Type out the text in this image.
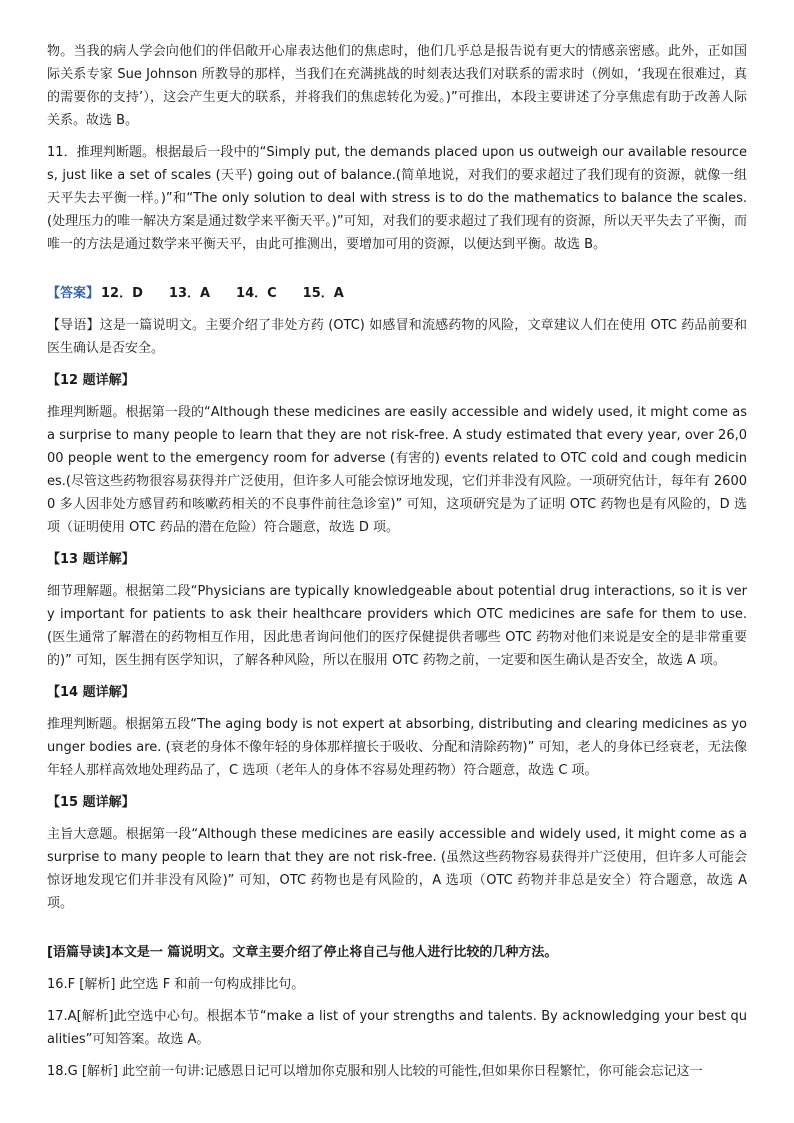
物。当我的病人学会向他们的伴侣敞开心扉表达他们的焦虑时，他们几乎总是报告说有更大的情感亲密感。此外，正如国际关系专家 Sue Johnson 所教导的那样，当我们在充满挑战的时刻表达我们对联系的需求时（例如，‘我现在很难过，真的需要你的支持’），这会产生更大的联系，并将我们的焦虑转化为爱。)”可推出，本段主要讲述了分享焦虑有助于改善人际关系。故选 B。

11．推理判断题。根据最后一段中的“Simply put, the demands placed upon us outweigh our available resources, just like a set of scales (天平) going out of balance.(简单地说，对我们的要求超过了我们现有的资源，就像一组天平失去平衡一样。)”和“The only solution to deal with stress is to do the mathematics to balance the scales.(处理压力的唯一解决方案是通过数学来平衡天平。)”可知，对我们的要求超过了我们现有的资源，所以天平失去了平衡，而唯一的方法是通过数学来平衡天平，由此可推测出，要增加可用的资源，以便达到平衡。故选 B。

【答案】 12．D　　13．A　　14．C　　15．A

【导语】这是一篇说明文。主要介绍了非处方药 (OTC) 如感冒和流感药物的风险，文章建议人们在使用 OTC 药品前要和医生确认是否安全。

【12 题详解】

推理判断题。根据第一段的“Although these medicines are easily accessible and widely used, it might come as a surprise to many people to learn that they are not risk-free. A study estimated that every year, over 26,000 people went to the emergency room for adverse (有害的) events related to OTC cold and cough medicines.(尽管这些药物很容易获得并广泛使用，但许多人可能会惊讶地发现，它们并非没有风险。一项研究估计，每年有 26000 多人因非处方感冒药和咳嗽药相关的不良事件前往急诊室)” 可知，这项研究是为了证明 OTC 药物也是有风险的，D 选项（证明使用 OTC 药品的潜在危险）符合题意，故选 D 项。

【13 题详解】

细节理解题。根据第二段“Physicians are typically knowledgeable about potential drug interactions, so it is very important for patients to ask their healthcare providers which OTC medicines are safe for them to use. (医生通常了解潜在的药物相互作用，因此患者询问他们的医疗保健提供者哪些 OTC 药物对他们来说是安全的是非常重要的)” 可知，医生拥有医学知识，了解各种风险，所以在服用 OTC 药物之前，一定要和医生确认是否安全，故选 A 项。

【14 题详解】

推理判断题。根据第五段“The aging body is not expert at absorbing, distributing and clearing medicines as younger bodies are. (衰老的身体不像年轻的身体那样擅长于吸收、分配和清除药物)” 可知，老人的身体已经衰老，无法像年轻人那样高效地处理药品了，C 选项（老年人的身体不容易处理药物）符合题意，故选 C 项。

【15 题详解】

主旨大意题。根据第一段“Although these medicines are easily accessible and widely used, it might come as a surprise to many people to learn that they are not risk-free. (虽然这些药物容易获得并广泛使用，但许多人可能会惊讶地发现它们并非没有风险)” 可知，OTC 药物也是有风险的，A 选项（OTC 药物并非总是安全）符合题意，故选 A 项。

[语篇导读]本文是一 篇说明文。文章主要介绍了停止将自己与他人进行比较的几种方法。

16.F [解析] 此空选 F 和前一句构成排比句。

17.A[解析]此空选中心句。根据本节“make a list of your strengths and talents. By acknowledging your best qualities”可知答案。故选 A。

18.G [解析] 此空前一句讲:记感恩日记可以增加你克服和别人比较的可能性,但如果你日程繁忙，你可能会忘记这一
